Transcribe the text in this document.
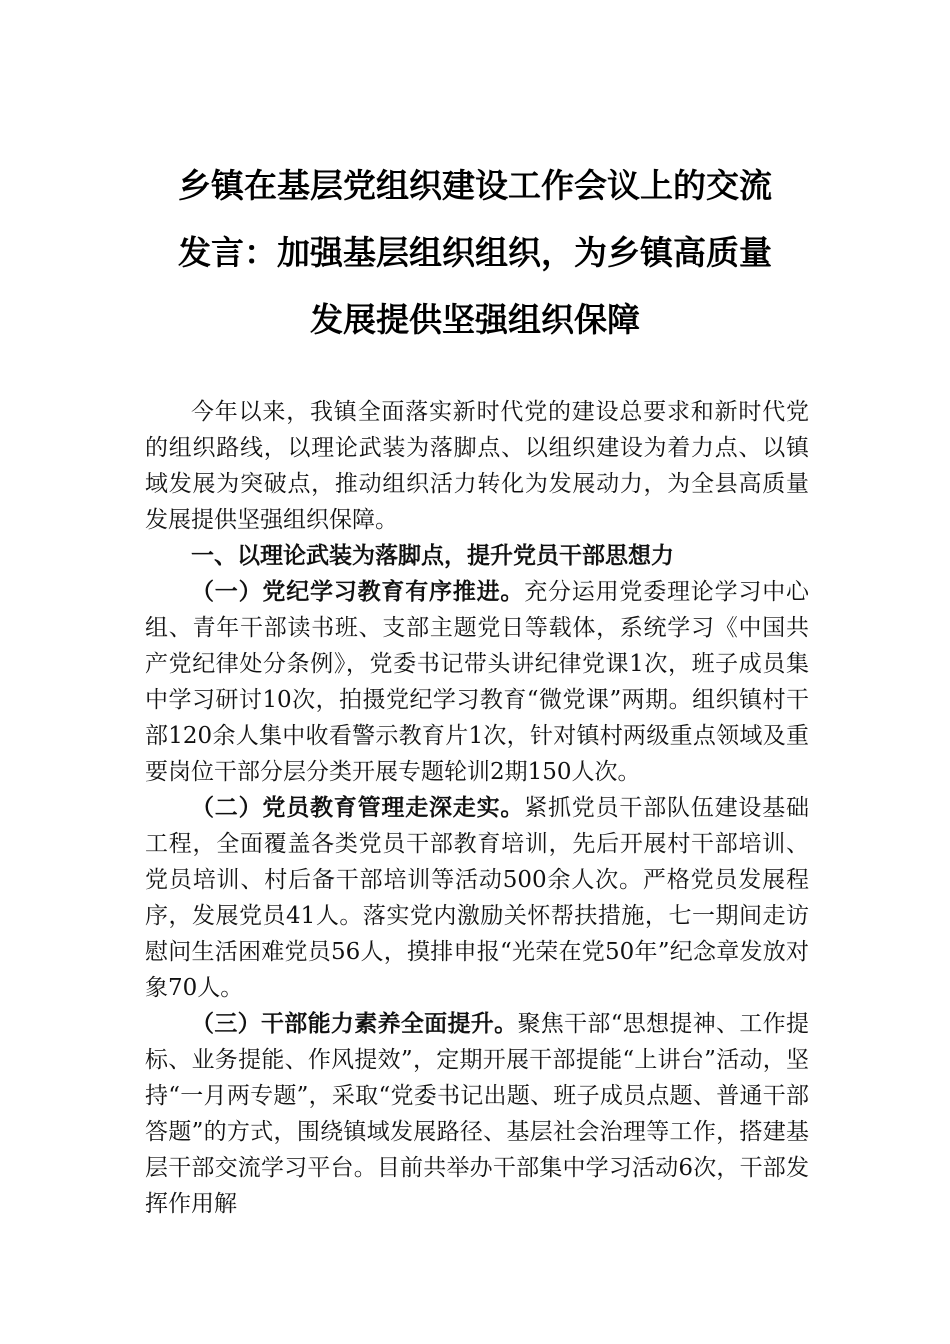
乡镇在基层党组织建设工作会议上的交流
发言：加强基层组织组织，为乡镇高质量
发展提供坚强组织保障

今年以来，我镇全面落实新时代党的建设总要求和新时代党的组织路线，以理论武装为落脚点、以组织建设为着力点、以镇域发展为突破点，推动组织活力转化为发展动力，为全县高质量发展提供坚强组织保障。

一、以理论武装为落脚点，提升党员干部思想力

（一）党纪学习教育有序推进。充分运用党委理论学习中心组、青年干部读书班、支部主题党日等载体，系统学习《中国共产党纪律处分条例》，党委书记带头讲纪律党课1次，班子成员集中学习研讨10次，拍摄党纪学习教育“微党课”两期。组织镇村干部120余人集中收看警示教育片1次，针对镇村两级重点领域及重要岗位干部分层分类开展专题轮训2期150人次。

（二）党员教育管理走深走实。紧抓党员干部队伍建设基础工程，全面覆盖各类党员干部教育培训，先后开展村干部培训、党员培训、村后备干部培训等活动500余人次。严格党员发展程序，发展党员41人。落实党内激励关怀帮扶措施，七一期间走访慰问生活困难党员56人，摸排申报“光荣在党50年”纪念章发放对象70人。

（三）干部能力素养全面提升。聚焦干部“思想提神、工作提标、业务提能、作风提效”，定期开展干部提能“上讲台”活动，坚持“一月两专题”，采取“党委书记出题、班子成员点题、普通干部答题”的方式，围绕镇域发展路径、基层社会治理等工作，搭建基层干部交流学习平台。目前共举办干部集中学习活动6次，干部发挥作用解
